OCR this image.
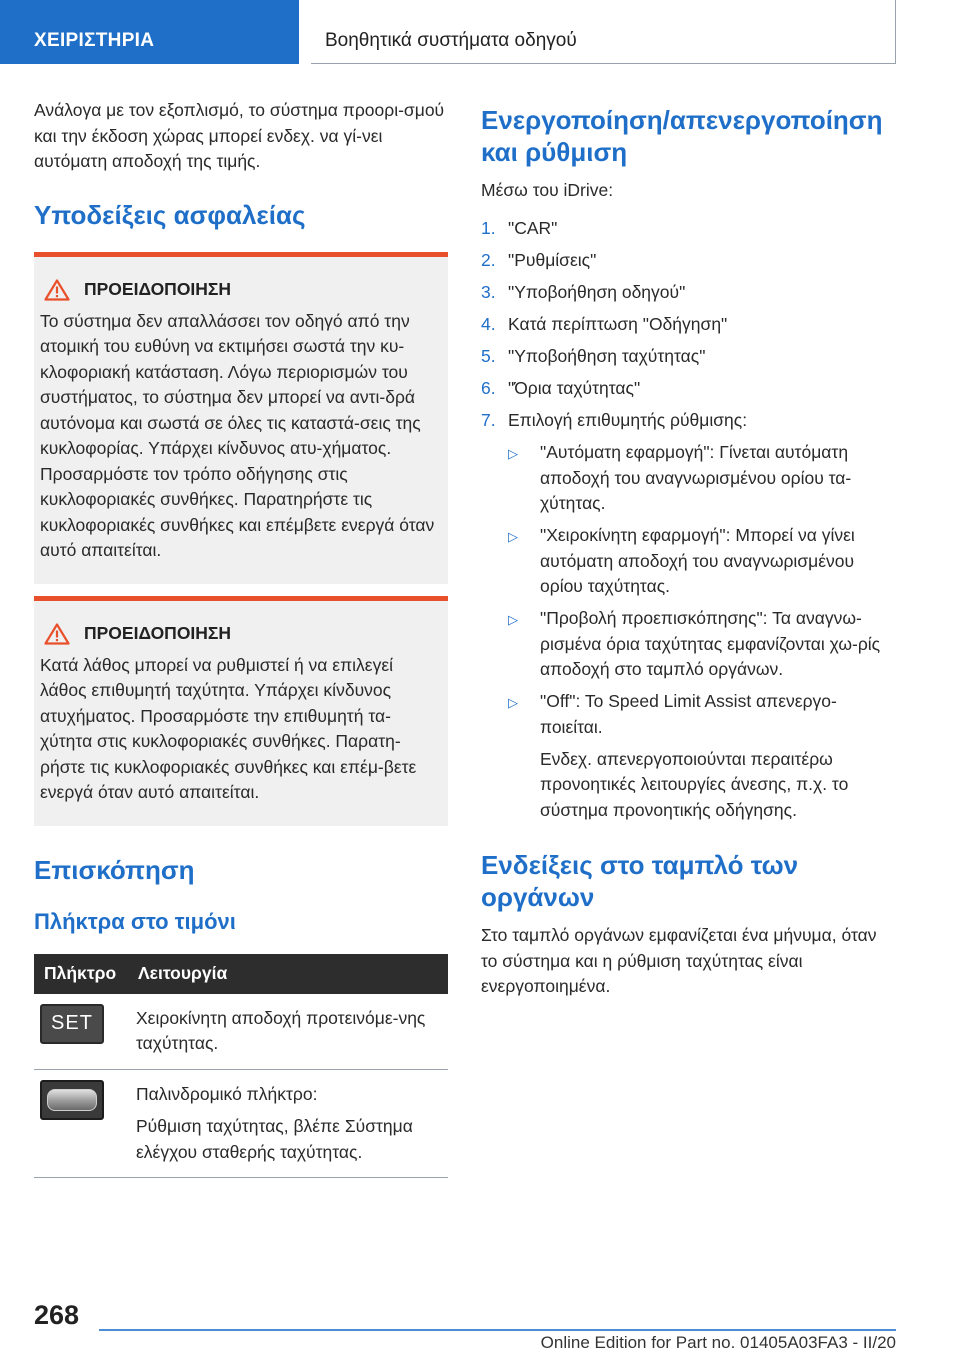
ΧΕΙΡΙΣΤΗΡΙΑ	Βοηθητικά συστήματα οδηγού

Ανάλογα με τον εξοπλισμό, το σύστημα προορι-σμού και την έκδοση χώρας μπορεί ενδεχ. να γί-νει αυτόματη αποδοχή της τιμής.

Υποδείξεις ασφαλείας
ΠΡΟΕΙΔΟΠΟΙΗΣΗ

Το σύστημα δεν απαλλάσσει τον οδηγό από την ατομική του ευθύνη να εκτιμήσει σωστά την κυ-κλοφοριακή κατάσταση. Λόγω περιορισμών του συστήματος, το σύστημα δεν μπορεί να αντι-δρά αυτόνομα και σωστά σε όλες τις καταστά-σεις της κυκλοφορίας. Υπάρχει κίνδυνος ατυ-χήματος. Προσαρμόστε τον τρόπο οδήγησης στις κυκλοφοριακές συνθήκες. Παρατηρήστε τις κυκλοφοριακές συνθήκες και επέμβετε ενεργά όταν αυτό απαιτείται.

ΠΡΟΕΙΔΟΠΟΙΗΣΗ

Κατά λάθος μπορεί να ρυθμιστεί ή να επιλεγεί λάθος επιθυμητή ταχύτητα. Υπάρχει κίνδυνος ατυχήματος. Προσαρμόστε την επιθυμητή τα-χύτητα στις κυκλοφοριακές συνθήκες. Παρατη-ρήστε τις κυκλοφοριακές συνθήκες και επέμ-βετε ενεργά όταν αυτό απαιτείται.

Επισκόπηση
Πλήκτρα στο τιμόνι
Πλήκτρο	Λειτουργία
SET Χειροκίνητη αποδοχή προτεινόμε-νης ταχύτητας.

Παλινδρομικό πλήκτρο:

Ρύθμιση ταχύτητας, βλέπε Σύστημα ελέγχου σταθερής ταχύτητας.

Ενεργοποίηση/απενεργοποίηση και ρύθμιση

Μέσω του iDrive:

1. "CAR"
2. "Ρυθμίσεις"
3. "Υποβοήθηση οδηγού"
4. Κατά περίπτωση "Οδήγηση"
5. "Υποβοήθηση ταχύτητας"
6. "Όρια ταχύτητας"
7. Επιλογή επιθυμητής ρύθμισης:
▷	"Αυτόματη εφαρμογή": Γίνεται αυτόματη αποδοχή του αναγνωρισμένου ορίου τα-χύτητας.
▷	"Χειροκίνητη εφαρμογή": Μπορεί να γίνει αυτόματη αποδοχή του αναγνωρισμένου ορίου ταχύτητας.
▷	"Προβολή προεπισκόπησης": Τα αναγνω-ρισμένα όρια ταχύτητας εμφανίζονται χω-ρίς αποδοχή στο ταμπλό οργάνων.
▷	"Off": To Speed Limit Assist απενεργο-ποιείται.

Ενδεχ. απενεργοποιούνται περαιτέρω προνοητικές λειτουργίες άνεσης, π.χ. το σύστημα προνοητικής οδήγησης.

Ενδείξεις στο ταμπλό των οργάνων

Στο ταμπλό οργάνων εμφανίζεται ένα μήνυμα, όταν το σύστημα και η ρύθμιση ταχύτητας είναι ενεργοποιημένα.

268
Online Edition for Part no. 01405A03FA3 - II/20
